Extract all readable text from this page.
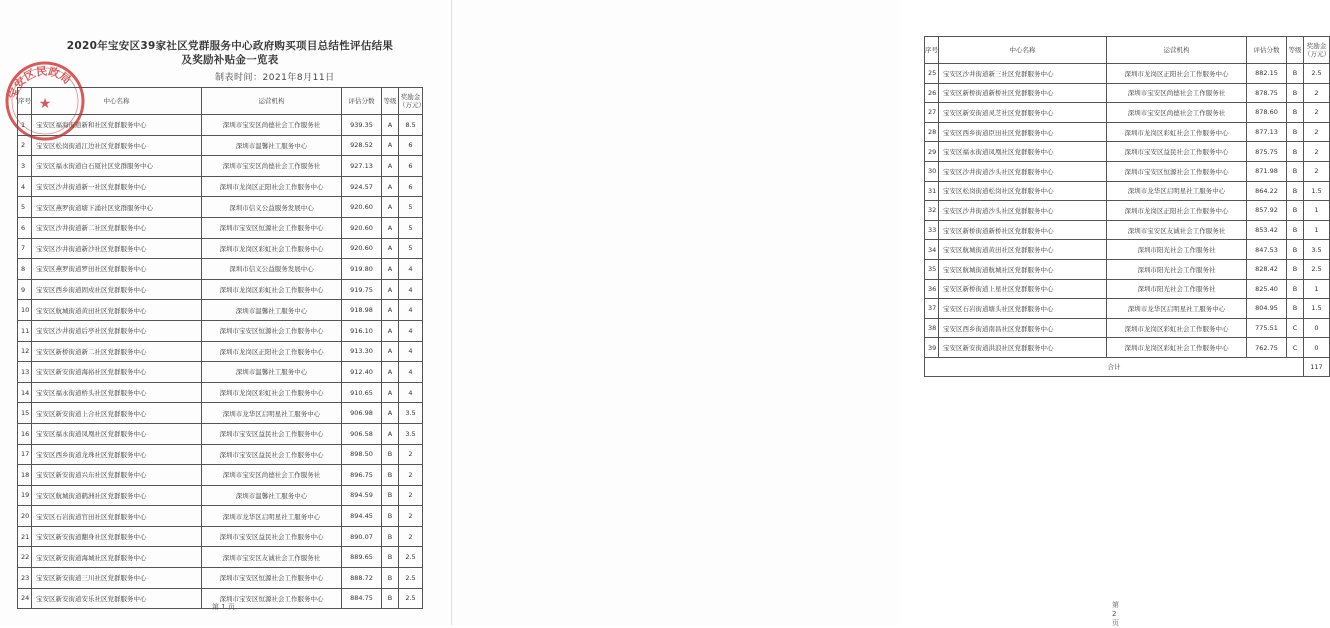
宝安区民政局
★
2020年宝安区39家社区党群服务中心政府购买项目总结性评估结果
及奖励补贴金一览表
制表时间：2021年8月11日
序号	中心名称	运营机构	评估分数	等级	奖励金
（万元）
1	宝安区福海街道新和社区党群服务中心	深圳市宝安区尚德社会工作服务社	939.35	A	8.5
2	宝安区松岗街道江边社区党群服务中心	深圳市温馨社工服务中心	928.52	A	6
3	宝安区福永街道白石厦社区党群服务中心	深圳市宝安区尚德社会工作服务社	927.13	A	6
4	宝安区沙井街道新一社区党群服务中心	深圳市龙岗区正阳社会工作服务中心	924.57	A	6
5	宝安区燕罗街道塘下涌社区党群服务中心	深圳市信义公益服务发展中心	920.60	A	5
6	宝安区沙井街道新二社区党群服务中心	深圳市宝安区恒源社会工作服务中心	920.60	A	5
7	宝安区沙井街道新沙社区党群服务中心	深圳市龙岗区彩虹社会工作服务中心	920.60	A	5
8	宝安区燕罗街道罗田社区党群服务中心	深圳市信义公益服务发展中心	919.80	A	4
9	宝安区西乡街道固戍社区党群服务中心	深圳市龙岗区彩虹社会工作服务中心	919.75	A	4
10	宝安区航城街道黄田社区党群服务中心	深圳市温馨社工服务中心	918.98	A	4
11	宝安区沙井街道后亭社区党群服务中心	深圳市宝安区恒源社会工作服务中心	916.10	A	4
12	宝安区新桥街道新二社区党群服务中心	深圳市龙岗区正阳社会工作服务中心	913.30	A	4
13	宝安区新安街道海裕社区党群服务中心	深圳市温馨社工服务中心	912.40	A	4
14	宝安区福永街道桥头社区党群服务中心	深圳市龙岗区彩虹社会工作服务中心	910.65	A	4
15	宝安区新安街道上合社区党群服务中心	深圳市龙华区启明星社工服务中心	906.98	A	3.5
16	宝安区福永街道凤凰社区党群服务中心	深圳市宝安区益民社会工作服务中心	906.58	A	3.5
17	宝安区西乡街道龙珠社区党群服务中心	深圳市宝安区益民社会工作服务中心	898.50	B	2
18	宝安区新安街道兴东社区党群服务中心	深圳市宝安区尚德社会工作服务社	896.75	B	2
19	宝安区航城街道鹤洲社区党群服务中心	深圳市温馨社工服务中心	894.59	B	2
20	宝安区石岩街道官田社区党群服务中心	深圳市龙华区启明星社工服务中心	894.45	B	2
21	宝安区新安街道翻身社区党群服务中心	深圳市宝安区益民社会工作服务中心	890.07	B	2
22	宝安区新安街道海城社区党群服务中心	深圳市宝安区友诚社会工作服务社	889.65	B	2.5
23	宝安区新安街道三川社区党群服务中心	深圳市宝安区恒源社会工作服务中心	888.72	B	2.5
24	宝安区新安街道安乐社区党群服务中心	深圳市宝安区恒源社会工作服务中心	884.75	B	2.5
第 1 页
序号	中心名称	运营机构	评估分数	等级	奖励金
（万元）
25	宝安区沙井街道新三社区党群服务中心	深圳市龙岗区正阳社会工作服务中心	882.15	B	2.5
26	宝安区新桥街道新桥社区党群服务中心	深圳市宝安区尚德社会工作服务社	878.75	B	2
27	宝安区新安街道灵芝社区党群服务中心	深圳市宝安区尚德社会工作服务社	878.60	B	2
28	宝安区西乡街道臣田社区党群服务中心	深圳市龙岗区彩虹社会工作服务中心	877.13	B	2
29	宝安区福永街道凤凰社区党群服务中心	深圳市宝安区益民社会工作服务中心	875.75	B	2
30	宝安区沙井街道沙头社区党群服务中心	深圳市宝安区恒源社会工作服务中心	871.98	B	2
31	宝安区松岗街道松岗社区党群服务中心	深圳市龙华区启明星社工服务中心	864.22	B	1.5
32	宝安区沙井街道沙头社区党群服务中心	深圳市龙岗区正阳社会工作服务中心	857.92	B	1
33	宝安区新桥街道新桥社区党群服务中心	深圳市宝安区友诚社会工作服务社	853.42	B	1
34	宝安区航城街道黄田社区党群服务中心	深圳市阳光社会工作服务社	847.53	B	3.5
35	宝安区航城街道航城社区党群服务中心	深圳市阳光社会工作服务社	828.42	B	2.5
36	宝安区新桥街道上星社区党群服务中心	深圳市阳光社会工作服务社	825.40	B	1
37	宝安区石岩街道塘头社区党群服务中心	深圳市龙华区启明星社工服务中心	804.95	B	1.5
38	宝安区西乡街道南昌社区党群服务中心	深圳市龙岗区彩虹社会工作服务中心	775.51	C	0
39	宝安区新安街道洪浪社区党群服务中心	深圳市龙岗区彩虹社会工作服务中心	762.75	C	0
合计					117
第 2 页
